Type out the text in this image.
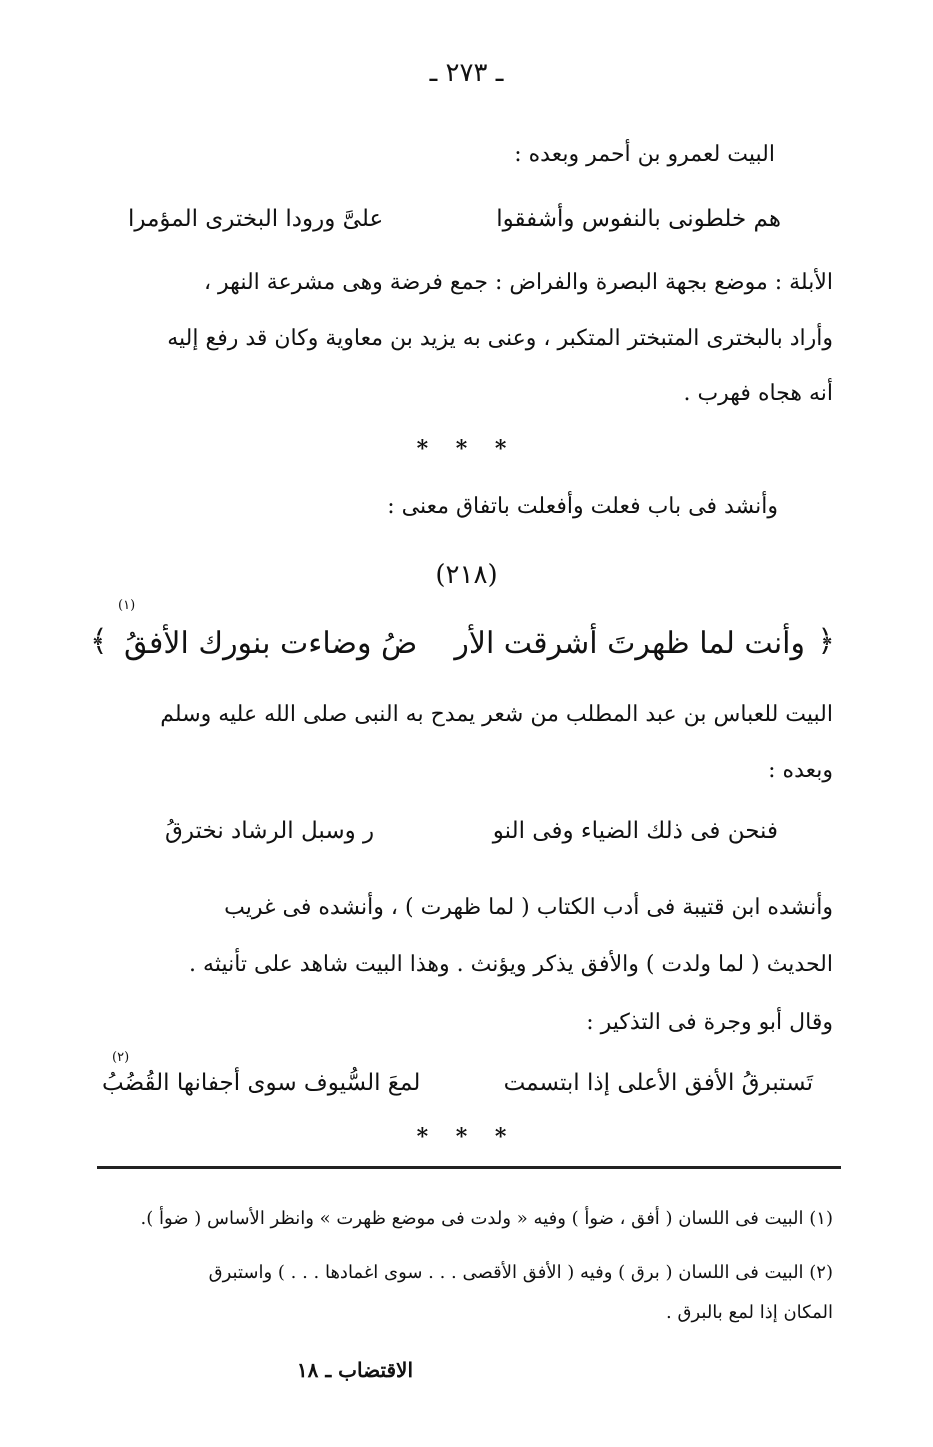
ـ ٢٧٣ ـ
البيت لعمرو بن أحمر وبعده :
هم خلطونى بالنفوس وأشفقوا
علىَّ ورودا البخترى المؤمرا
الأبلة : موضع بجهة البصرة والفراض : جمع فرضة وهى مشرعة النهر ،
وأراد بالبخترى المتبختر المتكبر ، وعنى به يزيد بن معاوية وكان قد رفع إليه
أنه هجاه فهرب .
* * *
وأنشد فى باب فعلت وأفعلت باتفاق معنى :
(٢١٨)
(١)
﴿
وأنت لما ظهرتَ أشرقت الأر
ضُ وضاءت بنورك الأفقُ
﴾
البيت للعباس بن عبد المطلب من شعر يمدح به النبى صلى الله عليه وسلم
وبعده :
فنحن فى ذلك الضياء وفى النو
ر وسبل الرشاد نخترقُ
وأنشده ابن قتيبة فى أدب الكتاب ( لما ظهرت ) ، وأنشده فى غريب
الحديث ( لما ولدت ) والأفق يذكر ويؤنث . وهذا البيت شاهد على تأنيثه .
وقال أبو وجرة فى التذكير :
(٢)
تَستبرقُ الأفق الأعلى إذا ابتسمت
لمعَ السُّيوف سوى أجفانها القُضُبُ
* * *
(١) البيت فى اللسان ( أفق ، ضوأ ) وفيه « ولدت فى موضع ظهرت » وانظر الأساس ( ضوأ ).
(٢) البيت فى اللسان ( برق ) وفيه ( الأفق الأقصى . . . سوى اغمادها . . . ) واستبرق
المكان إذا لمع بالبرق .
الاقتضاب ـ ١٨
